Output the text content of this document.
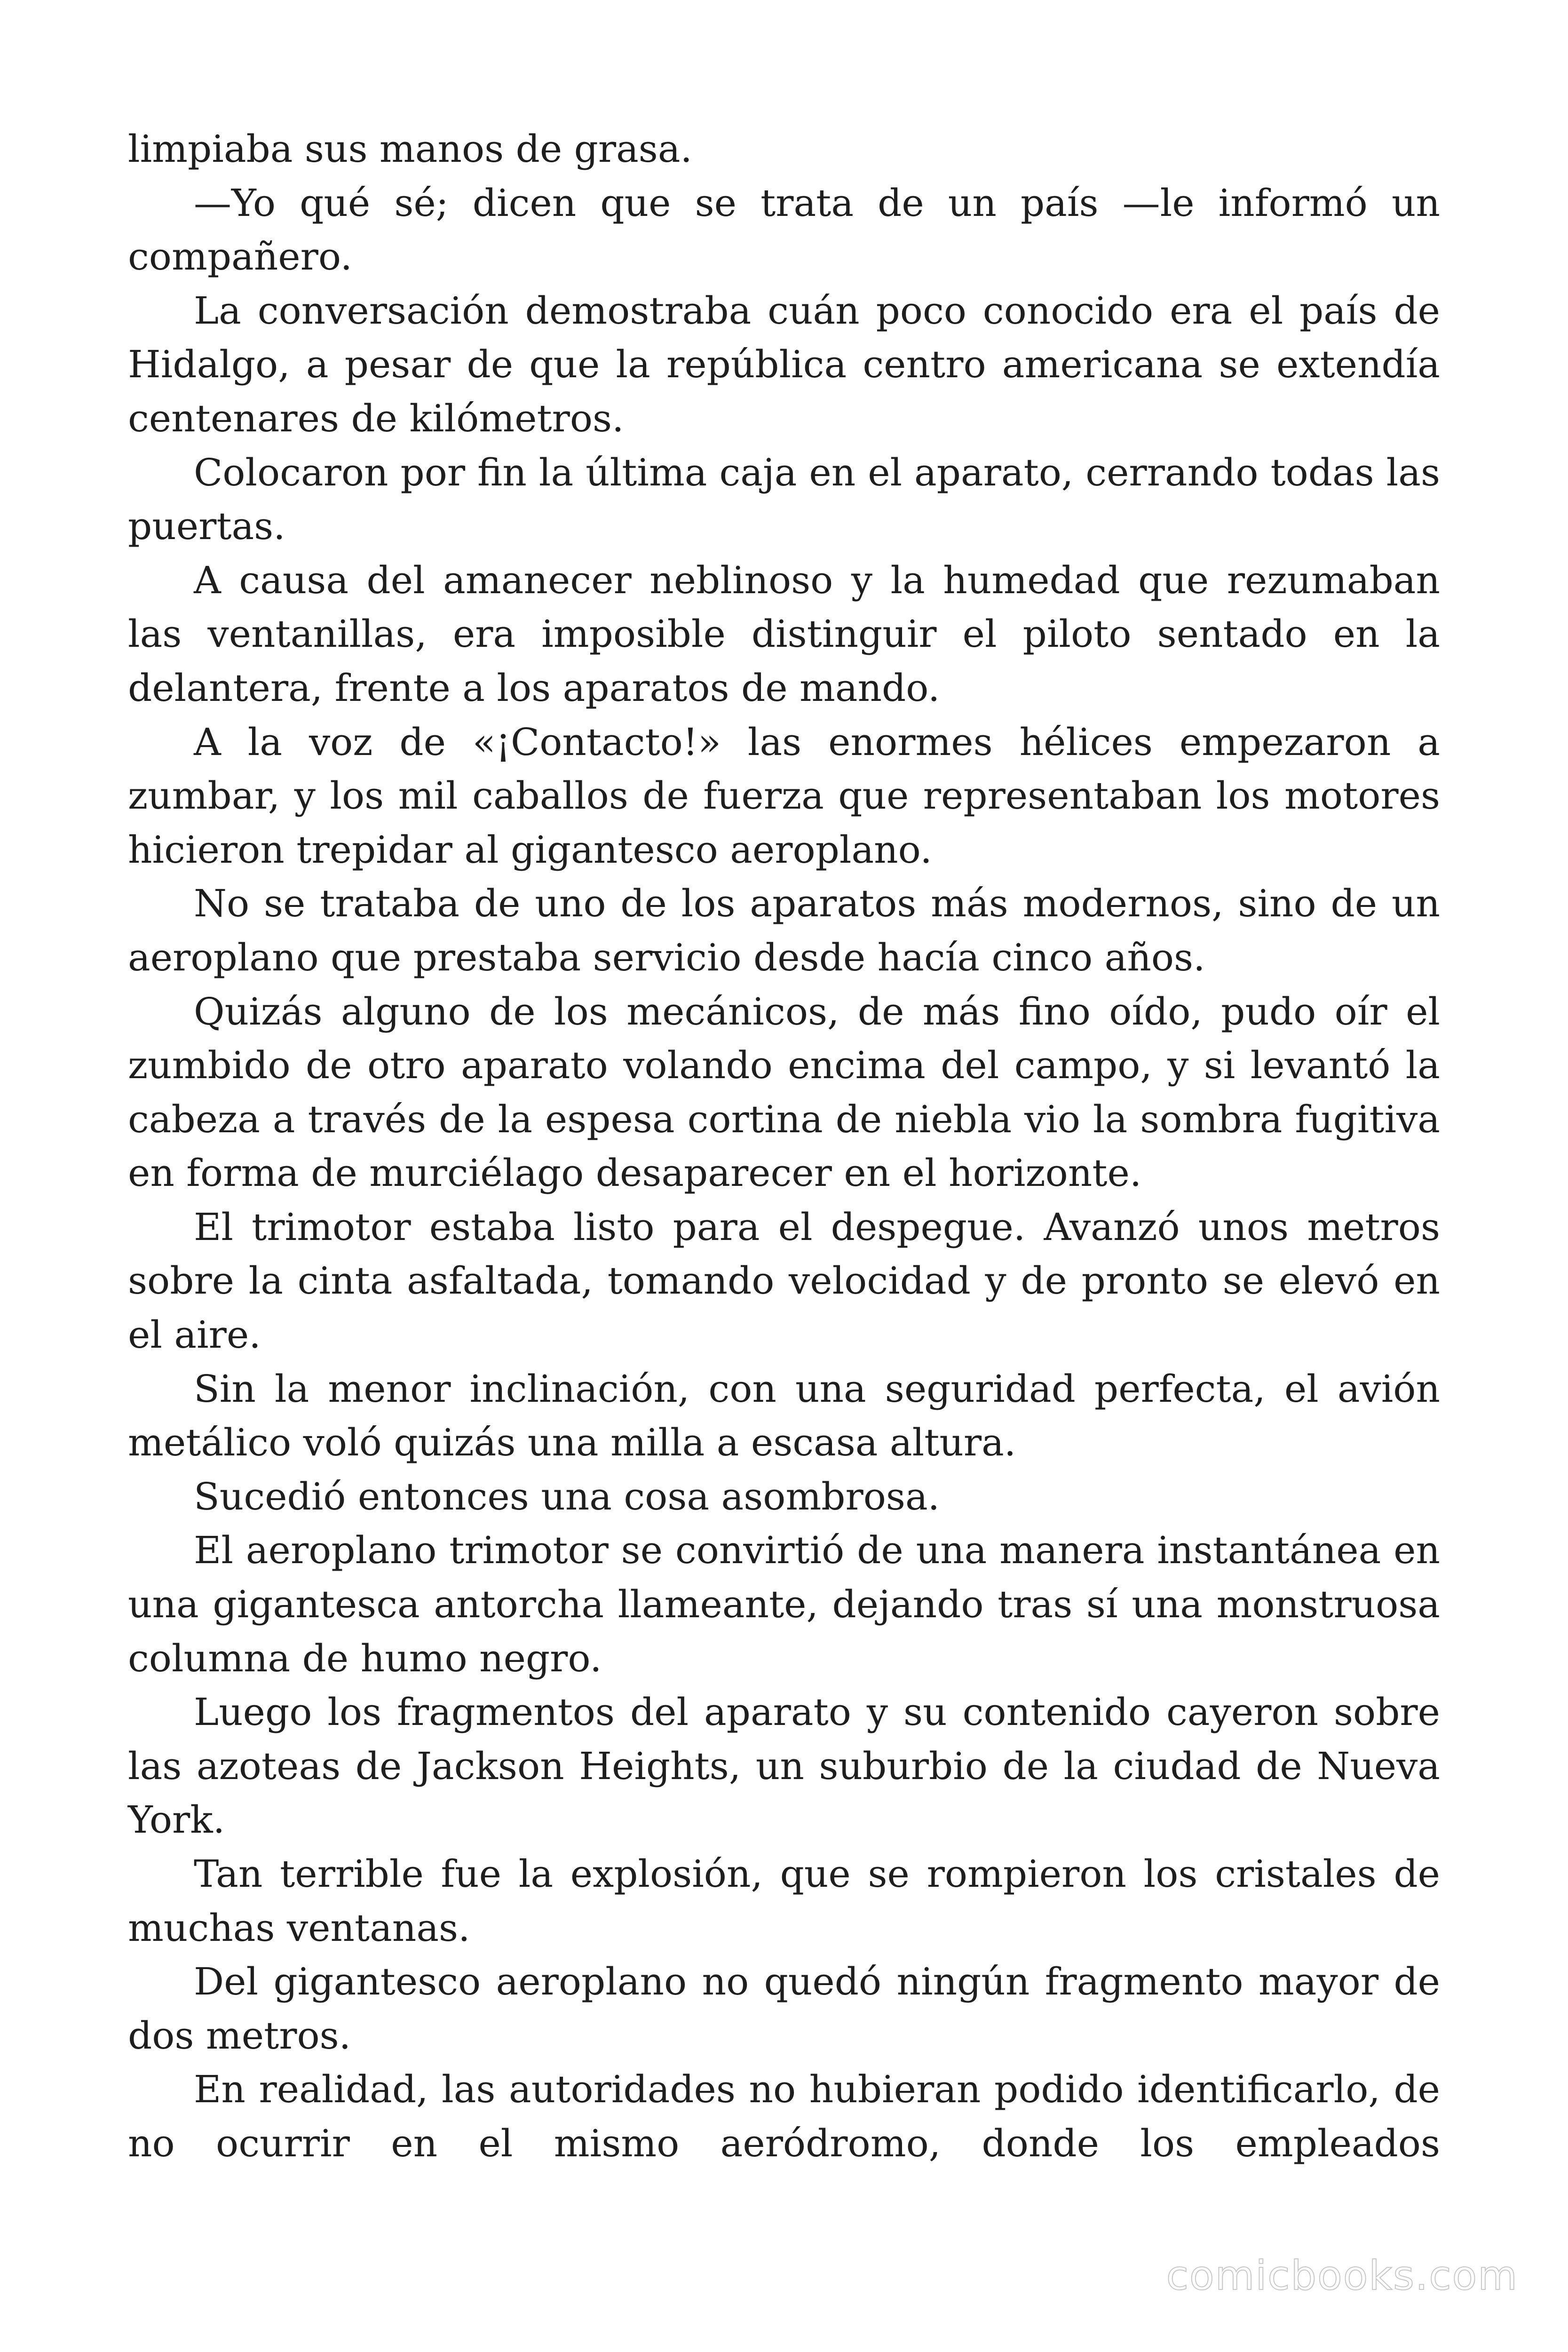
limpiaba sus manos de grasa.

—Yo qué sé; dicen que se trata de un país —le informó un compañero.

La conversación demostraba cuán poco conocido era el país de Hidalgo, a pesar de que la república centro americana se extendía centenares de kilómetros.

Colocaron por fin la última caja en el aparato, cerrando todas las puertas.

A causa del amanecer neblinoso y la humedad que rezumaban las ventanillas, era imposible distinguir el piloto sentado en la delantera, frente a los aparatos de mando.

A la voz de «¡Contacto!» las enormes hélices empezaron a zumbar, y los mil caballos de fuerza que representaban los motores hicieron trepidar al gigantesco aeroplano.

No se trataba de uno de los aparatos más modernos, sino de un aeroplano que prestaba servicio desde hacía cinco años.

Quizás alguno de los mecánicos, de más fino oído, pudo oír el zumbido de otro aparato volando encima del campo, y si levantó la cabeza a través de la espesa cortina de niebla vio la sombra fugitiva en forma de murciélago desaparecer en el horizonte.

El trimotor estaba listo para el despegue. Avanzó unos metros sobre la cinta asfaltada, tomando velocidad y de pronto se elevó en el aire.

Sin la menor inclinación, con una seguridad perfecta, el avión metálico voló quizás una milla a escasa altura.

Sucedió entonces una cosa asombrosa.

El aeroplano trimotor se convirtió de una manera instantánea en una gigantesca antorcha llameante, dejando tras sí una monstruosa columna de humo negro.

Luego los fragmentos del aparato y su contenido cayeron sobre las azoteas de Jackson Heights, un suburbio de la ciudad de Nueva York.

Tan terrible fue la explosión, que se rompieron los cristales de muchas ventanas.

Del gigantesco aeroplano no quedó ningún fragmento mayor de dos metros.

En realidad, las autoridades no hubieran podido identificarlo, de no ocurrir en el mismo aeródromo, donde los empleados

comicbooks.com
